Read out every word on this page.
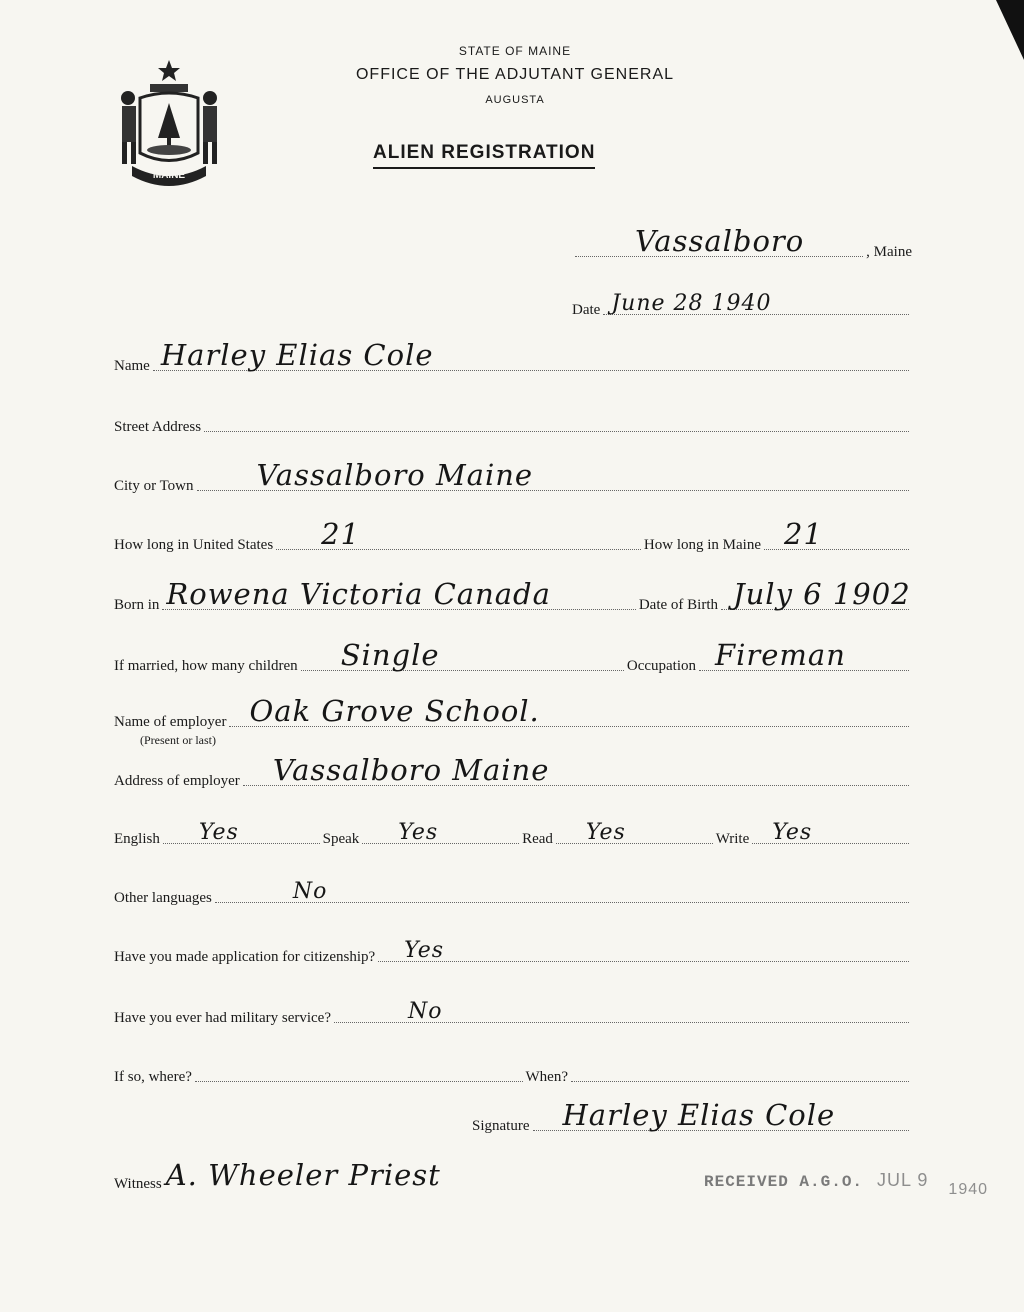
MAINE
STATE OF MAINE
OFFICE OF THE ADJUTANT GENERAL
AUGUSTA
ALIEN REGISTRATION
Vassalboro	, Maine
Date June 28 1940
Name Harley Elias Cole
Street Address
City or Town Vassalboro Maine
How long in United States 21	How long in Maine 21
Born in Rowena Victoria Canada	Date of Birth July 6 1902
If married, how many children Single	Occupation Fireman
Name of employer Oak Grove School.
(Present or last)
Address of employer Vassalboro Maine
English Yes	Speak Yes	Read Yes	Write Yes
Other languages	No
Have you made application for citizenship? Yes
Have you ever had military service?	No
If so, where?	When?
Signature Harley Elias Cole
Witness A. Wheeler Priest	RECEIVED A.G.O. JUL 9 1940
